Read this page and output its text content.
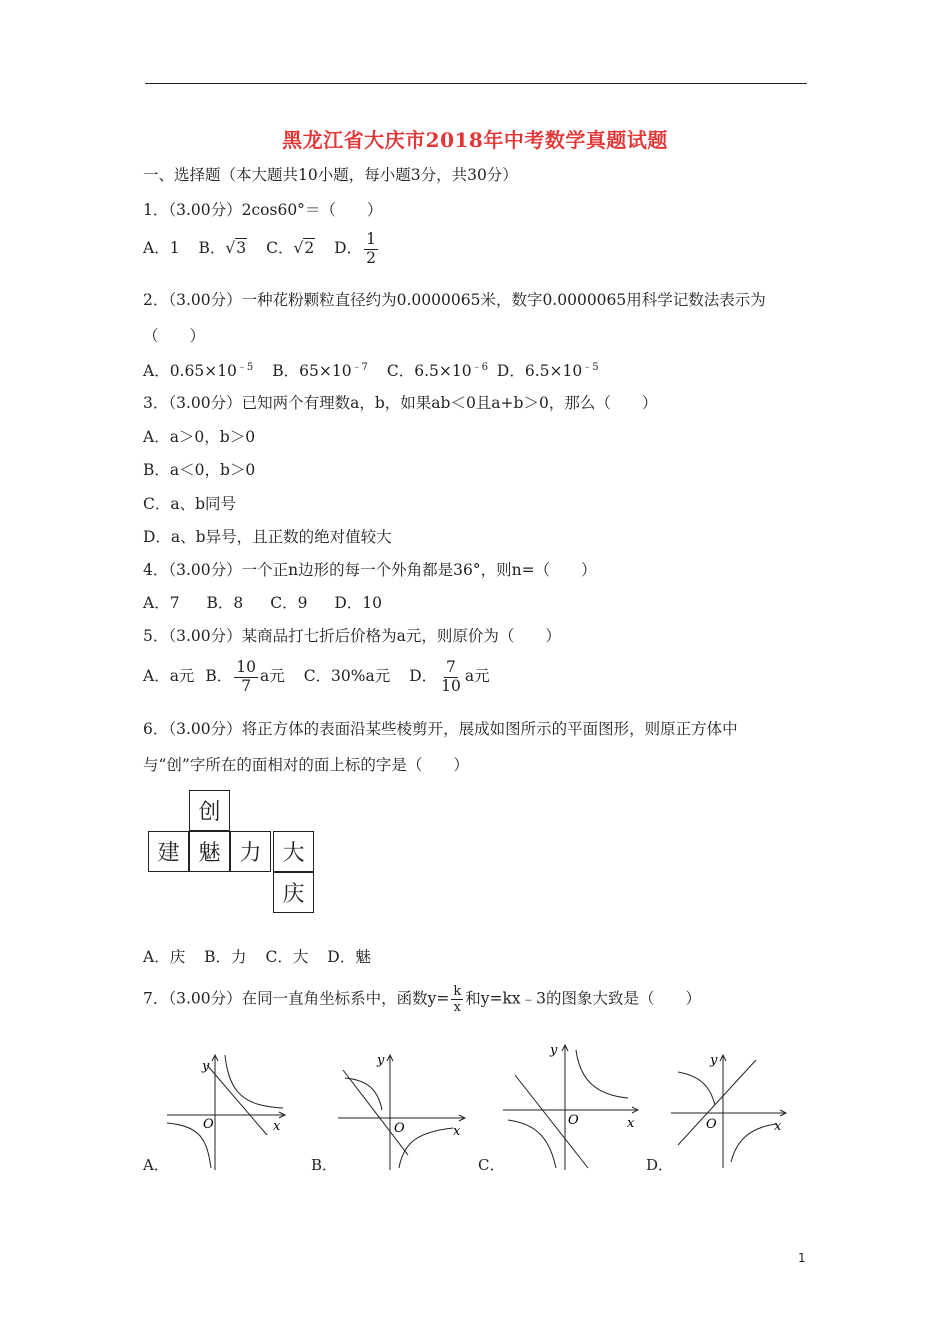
黑龙江省大庆市2018年中考数学真题试题
一、选择题（本大题共10小题，每小题3分，共30分）
1．（3.00分）2cos60°＝（　　）
A．1 B．√3 C．√2 D． $\frac{1}{2}$
2．（3.00分）一种花粉颗粒直径约为0.0000065米，数字0.0000065用科学记数法表示为
（　　）
A．$0.65\times 10^{﹣5}$ B．$65\times 10^{﹣7}$ C．$6.5\times 10^{﹣6}$ D．$6.5\times 10^{﹣5}$
3．（3.00分）已知两个有理数a，b，如果ab＜0且a+b＞0，那么（　　）
A．a＞0，b＞0
B．a＜0，b＞0
C．a、b同号
D．a、b异号，且正数的绝对值较大
4．（3.00分）一个正n边形的每一个外角都是36°，则n=（　　）
A．7 B．8 C．9 D．10
5．（3.00分）某商品打七折后价格为a元，则原价为（　　）
A．a元 B． $\frac{10}{7}$ a元 C．30%a元 D． $\frac{7}{10}$ a元
6．（3.00分）将正方体的表面沿某些棱剪开，展成如图所示的平面图形，则原正方体中
与“创”字所在的面相对的面上标的字是（　　）
创
建 魅 力 大
庆
A．庆 B．力 C．大 D．魅
7．（3.00分）在同一直角坐标系中，函数$y= \frac{k}{x}$ 和y=kx﹣3的图象大致是（　　）
y
x
O
y
x
O
y
x
O
y
x
O
A．	B．	C．	D．
1
